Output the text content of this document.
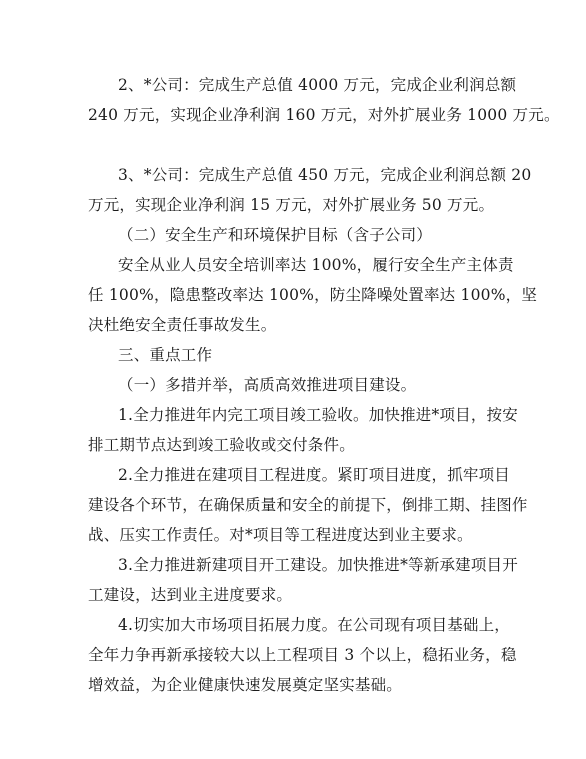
2、*公司：完成生产总值 4000 万元，完成企业利润总额
240 万元，实现企业净利润 160 万元，对外扩展业务 1000 万元。
3、*公司：完成生产总值 450 万元，完成企业利润总额 20
万元，实现企业净利润 15 万元，对外扩展业务 50 万元。
（二）安全生产和环境保护目标（含子公司）
安全从业人员安全培训率达 100%，履行安全生产主体责
任 100%，隐患整改率达 100%，防尘降噪处置率达 100%，坚
决杜绝安全责任事故发生。
三、重点工作
（一）多措并举，高质高效推进项目建设。
1.全力推进年内完工项目竣工验收。加快推进*项目，按安
排工期节点达到竣工验收或交付条件。
2.全力推进在建项目工程进度。紧盯项目进度，抓牢项目
建设各个环节，在确保质量和安全的前提下，倒排工期、挂图作
战、压实工作责任。对*项目等工程进度达到业主要求。
3.全力推进新建项目开工建设。加快推进*等新承建项目开
工建设，达到业主进度要求。
4.切实加大市场项目拓展力度。在公司现有项目基础上，
全年力争再新承接较大以上工程项目 3 个以上，稳拓业务，稳
增效益，为企业健康快速发展奠定坚实基础。
